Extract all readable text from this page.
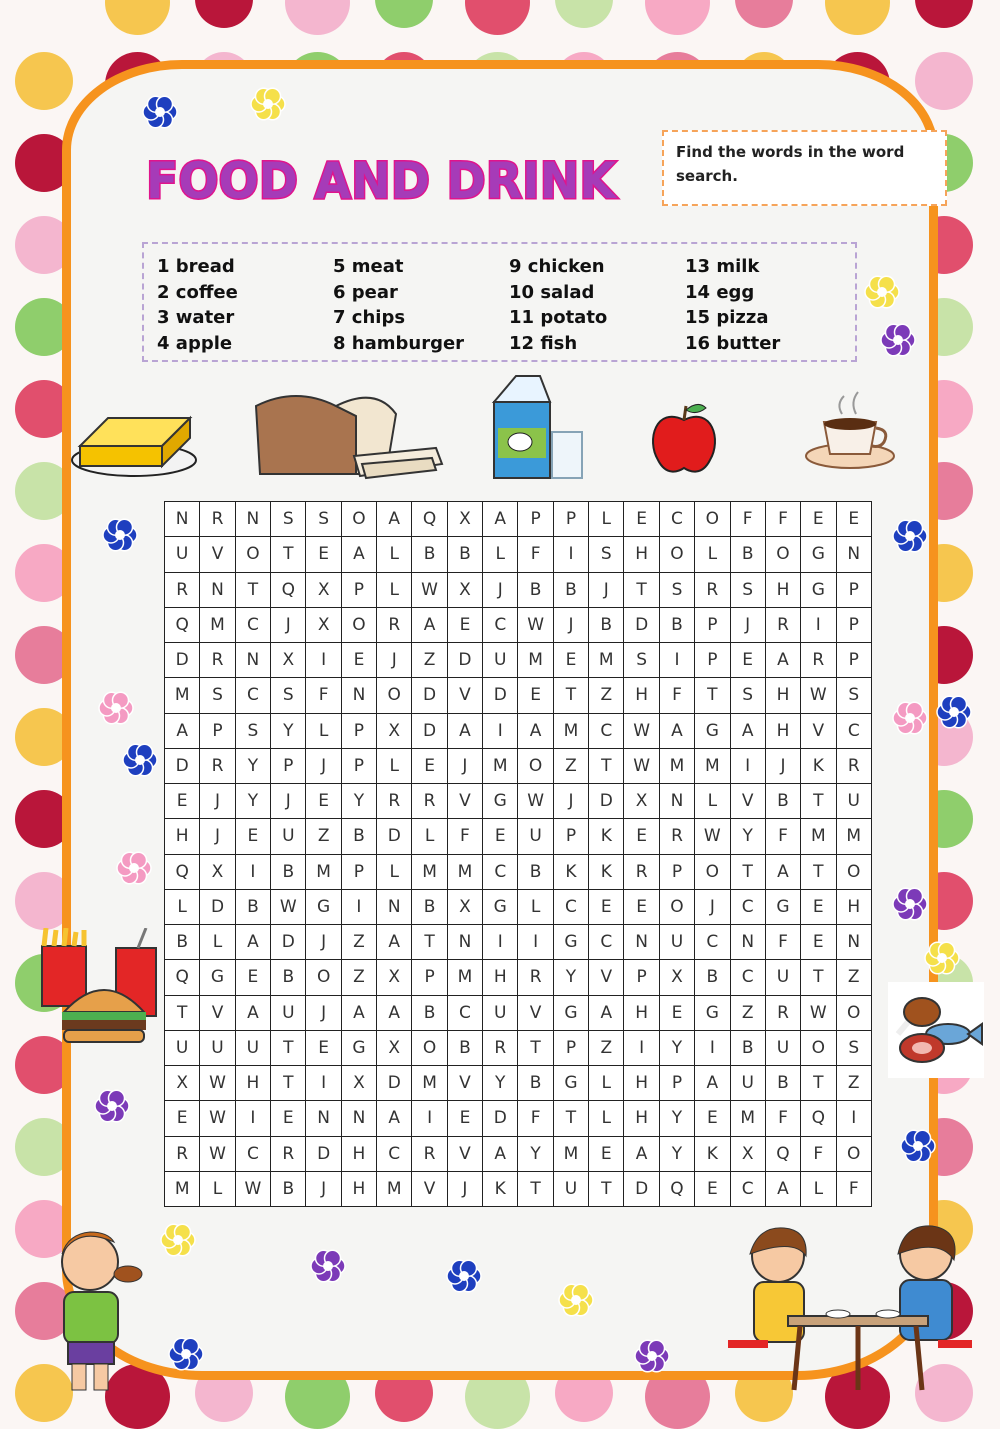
FOOD AND DRINK	Find the words in the word search.
1 bread
2 coffee
3 water
4 apple
5 meat
6 pear
7 chips
8 hamburger
9 chicken
10 salad
11 potato
12 fish
13 milk
14 egg
15 pizza
16 butter
N	R	N	S	S	O	A	Q	X	A	P	P	L	E	C	O	F	F	E	E
U	V	O	T	E	A	L	B	B	L	F	I	S	H	O	L	B	O	G	N
R	N	T	Q	X	P	L	W	X	J	B	B	J	T	S	R	S	H	G	P
Q	M	C	J	X	O	R	A	E	C	W	J	B	D	B	P	J	R	I	P
D	R	N	X	I	E	J	Z	D	U	M	E	M	S	I	P	E	A	R	P
M	S	C	S	F	N	O	D	V	D	E	T	Z	H	F	T	S	H	W	S
A	P	S	Y	L	P	X	D	A	I	A	M	C	W	A	G	A	H	V	C
D	R	Y	P	J	P	L	E	J	M	O	Z	T	W	M	M	I	J	K	R
E	J	Y	J	E	Y	R	R	V	G	W	J	D	X	N	L	V	B	T	U
H	J	E	U	Z	B	D	L	F	E	U	P	K	E	R	W	Y	F	M	M
Q	X	I	B	M	P	L	M	M	C	B	K	K	R	P	O	T	A	T	O
L	D	B	W	G	I	N	B	X	G	L	C	E	E	O	J	C	G	E	H
B	L	A	D	J	Z	A	T	N	I	I	G	C	N	U	C	N	F	E	N
Q	G	E	B	O	Z	X	P	M	H	R	Y	V	P	X	B	C	U	T	Z
T	V	A	U	J	A	A	B	C	U	V	G	A	H	E	G	Z	R	W	O
U	U	U	T	E	G	X	O	B	R	T	P	Z	I	Y	I	B	U	O	S
X	W	H	T	I	X	D	M	V	Y	B	G	L	H	P	A	U	B	T	Z
E	W	I	E	N	N	A	I	E	D	F	T	L	H	Y	E	M	F	Q	I
R	W	C	R	D	H	C	R	V	A	Y	M	E	A	Y	K	X	Q	F	O
M	L	W	B	J	H	M	V	J	K	T	U	T	D	Q	E	C	A	L	F
